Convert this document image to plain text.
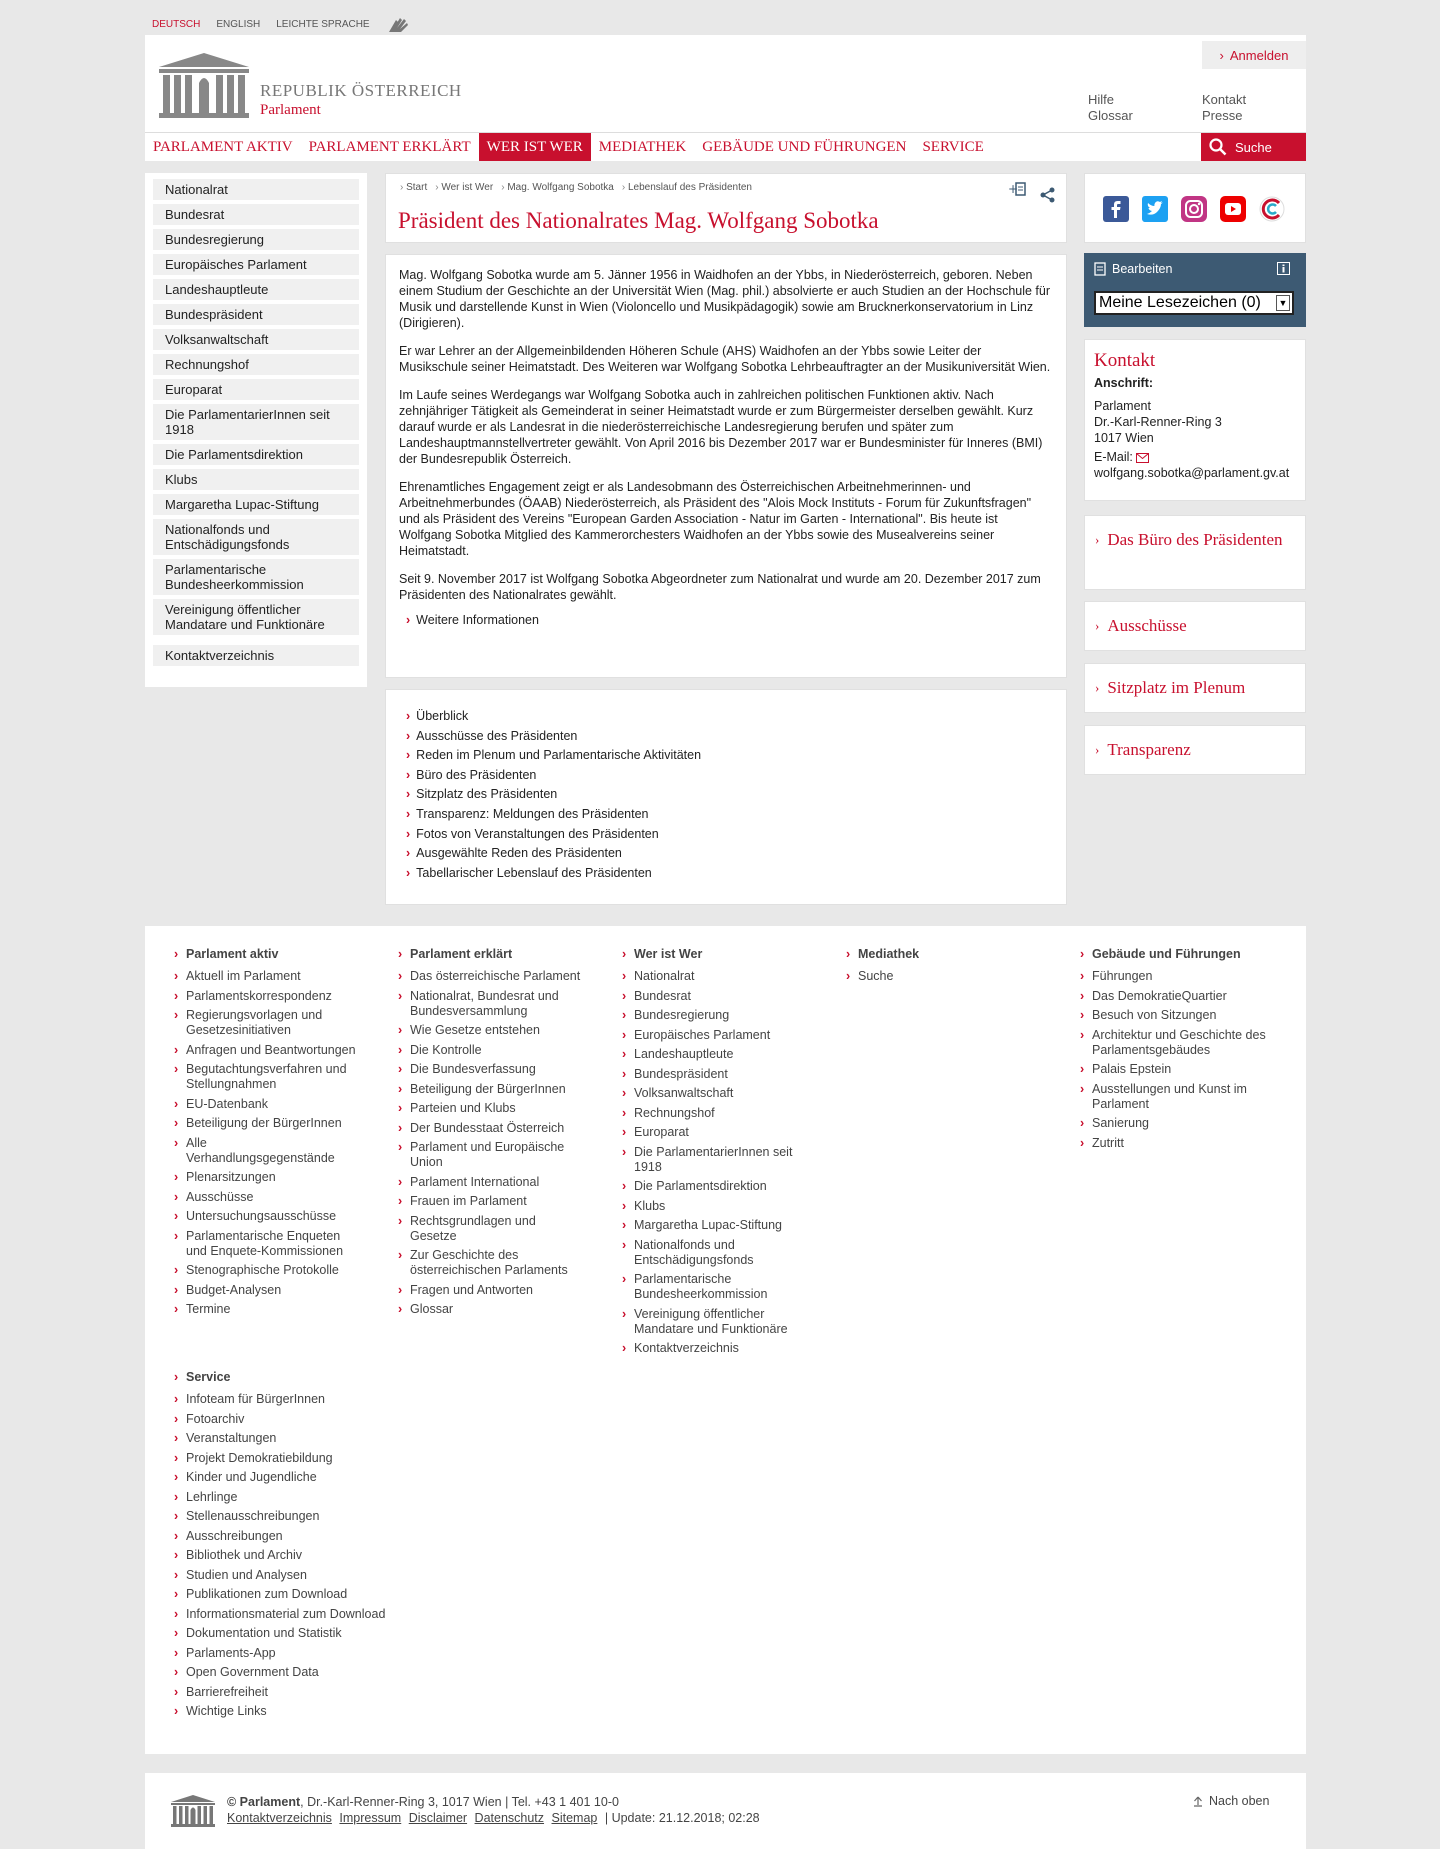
DEUTSCH ENGLISH LEICHTE SPRACHE
REPUBLIK ÖSTERREICH
Parlament
› Anmelden
Hilfe
Glossar
Kontakt
Presse
PARLAMENT AKTIV	PARLAMENT ERKLÄRT	WER IST WER	MEDIATHEK	GEBÄUDE UND FÜHRUNGEN	SERVICE	Suche
Nationalrat
Bundesrat
Bundesregierung
Europäisches Parlament
Landeshauptleute
Bundespräsident
Volksanwaltschaft
Rechnungshof
Europarat
Die ParlamentarierInnen seit 1918
Die Parlamentsdirektion
Klubs
Margaretha Lupac-Stiftung
Nationalfonds und Entschädigungsfonds
Parlamentarische Bundesheerkommission
Vereinigung öffentlicher Mandatare und Funktionäre
Kontaktverzeichnis
› Start	› Wer ist Wer	› Mag. Wolfgang Sobotka	› Lebenslauf des Präsidenten	+
Präsident des Nationalrates Mag. Wolfgang Sobotka

Mag. Wolfgang Sobotka wurde am 5. Jänner 1956 in Waidhofen an der Ybbs, in Niederösterreich, geboren. Neben einem Studium der Geschichte an der Universität Wien (Mag. phil.) absolvierte er auch Studien an der Hochschule für Musik und darstellende Kunst in Wien (Violoncello und Musikpädagogik) sowie am Brucknerkonservatorium in Linz (Dirigieren).

Er war Lehrer an der Allgemeinbildenden Höheren Schule (AHS) Waidhofen an der Ybbs sowie Leiter der Musikschule seiner Heimatstadt. Des Weiteren war Wolfgang Sobotka Lehrbeauftragter an der Musikuniversität Wien.

Im Laufe seines Werdegangs war Wolfgang Sobotka auch in zahlreichen politischen Funktionen aktiv. Nach zehnjähriger Tätigkeit als Gemeinderat in seiner Heimatstadt wurde er zum Bürgermeister derselben gewählt. Kurz darauf wurde er als Landesrat in die niederösterreichische Landesregierung berufen und später zum Landeshauptmannstellvertreter gewählt. Von April 2016 bis Dezember 2017 war er Bundesminister für Inneres (BMI) der Bundesrepublik Österreich.

Ehrenamtliches Engagement zeigt er als Landesobmann des Österreichischen Arbeitnehmerinnen- und Arbeitnehmerbundes (ÖAAB) Niederösterreich, als Präsident des "Alois Mock Instituts - Forum für Zukunftsfragen" und als Präsident des Vereins "European Garden Association - Natur im Garten - International". Bis heute ist Wolfgang Sobotka Mitglied des Kammerorchesters Waidhofen an der Ybbs sowie des Musealvereins seiner Heimatstadt.

Seit 9. November 2017 ist Wolfgang Sobotka Abgeordneter zum Nationalrat und wurde am 20. Dezember 2017 zum Präsidenten des Nationalrates gewählt.

› Weitere Informationen
› Überblick
› Ausschüsse des Präsidenten
› Reden im Plenum und Parlamentarische Aktivitäten
› Büro des Präsidenten
› Sitzplatz des Präsidenten
› Transparenz: Meldungen des Präsidenten
› Fotos von Veranstaltungen des Präsidenten
› Ausgewählte Reden des Präsidenten
› Tabellarischer Lebenslauf des Präsidenten
Bearbeiten
Meine Lesezeichen (0) ▼
Kontakt
Anschrift:
Parlament
Dr.-Karl-Renner-Ring 3
1017 Wien
E-Mail:
wolfgang.sobotka@parlament.gv.at
› Das Büro des Präsidenten
› Ausschüsse
› Sitzplatz im Plenum
› Transparenz
› Parlament aktiv
› Aktuell im Parlament
› Parlamentskorrespondenz
› Regierungsvorlagen und Gesetzesinitiativen
› Anfragen und Beantwortungen
› Begutachtungsverfahren und Stellungnahmen
› EU-Datenbank
› Beteiligung der BürgerInnen
› Alle Verhandlungsgegenstände
› Plenarsitzungen
› Ausschüsse
› Untersuchungsausschüsse
› Parlamentarische Enqueten und Enquete-Kommissionen
› Stenographische Protokolle
› Budget-Analysen
› Termine
› Parlament erklärt
› Das österreichische Parlament
› Nationalrat, Bundesrat und Bundesversammlung
› Wie Gesetze entstehen
› Die Kontrolle
› Die Bundesverfassung
› Beteiligung der BürgerInnen
› Parteien und Klubs
› Der Bundesstaat Österreich
› Parlament und Europäische Union
› Parlament International
› Frauen im Parlament
› Rechtsgrundlagen und Gesetze
› Zur Geschichte des österreichischen Parlaments
› Fragen und Antworten
› Glossar
› Wer ist Wer
› Nationalrat
› Bundesrat
› Bundesregierung
› Europäisches Parlament
› Landeshauptleute
› Bundespräsident
› Volksanwaltschaft
› Rechnungshof
› Europarat
› Die ParlamentarierInnen seit 1918
› Die Parlamentsdirektion
› Klubs
› Margaretha Lupac-Stiftung
› Nationalfonds und Entschädigungsfonds
› Parlamentarische Bundesheerkommission
› Vereinigung öffentlicher Mandatare und Funktionäre
› Kontaktverzeichnis
› Mediathek
› Suche
› Gebäude und Führungen
› Führungen
› Das DemokratieQuartier
› Besuch von Sitzungen
› Architektur und Geschichte des Parlamentsgebäudes
› Palais Epstein
› Ausstellungen und Kunst im Parlament
› Sanierung
› Zutritt
› Service
› Infoteam für BürgerInnen
› Fotoarchiv
› Veranstaltungen
› Projekt Demokratiebildung
› Kinder und Jugendliche
› Lehrlinge
› Stellenausschreibungen
› Ausschreibungen
› Bibliothek und Archiv
› Studien und Analysen
› Publikationen zum Download
› Informationsmaterial zum Download
› Dokumentation und Statistik
› Parlaments-App
› Open Government Data
› Barrierefreiheit
› Wichtige Links
© Parlament, Dr.-Karl-Renner-Ring 3, 1017 Wien | Tel. +43 1 401 10-0
Kontaktverzeichnis Impressum Disclaimer Datenschutz Sitemap | Update: 21.12.2018; 02:28
Nach oben
